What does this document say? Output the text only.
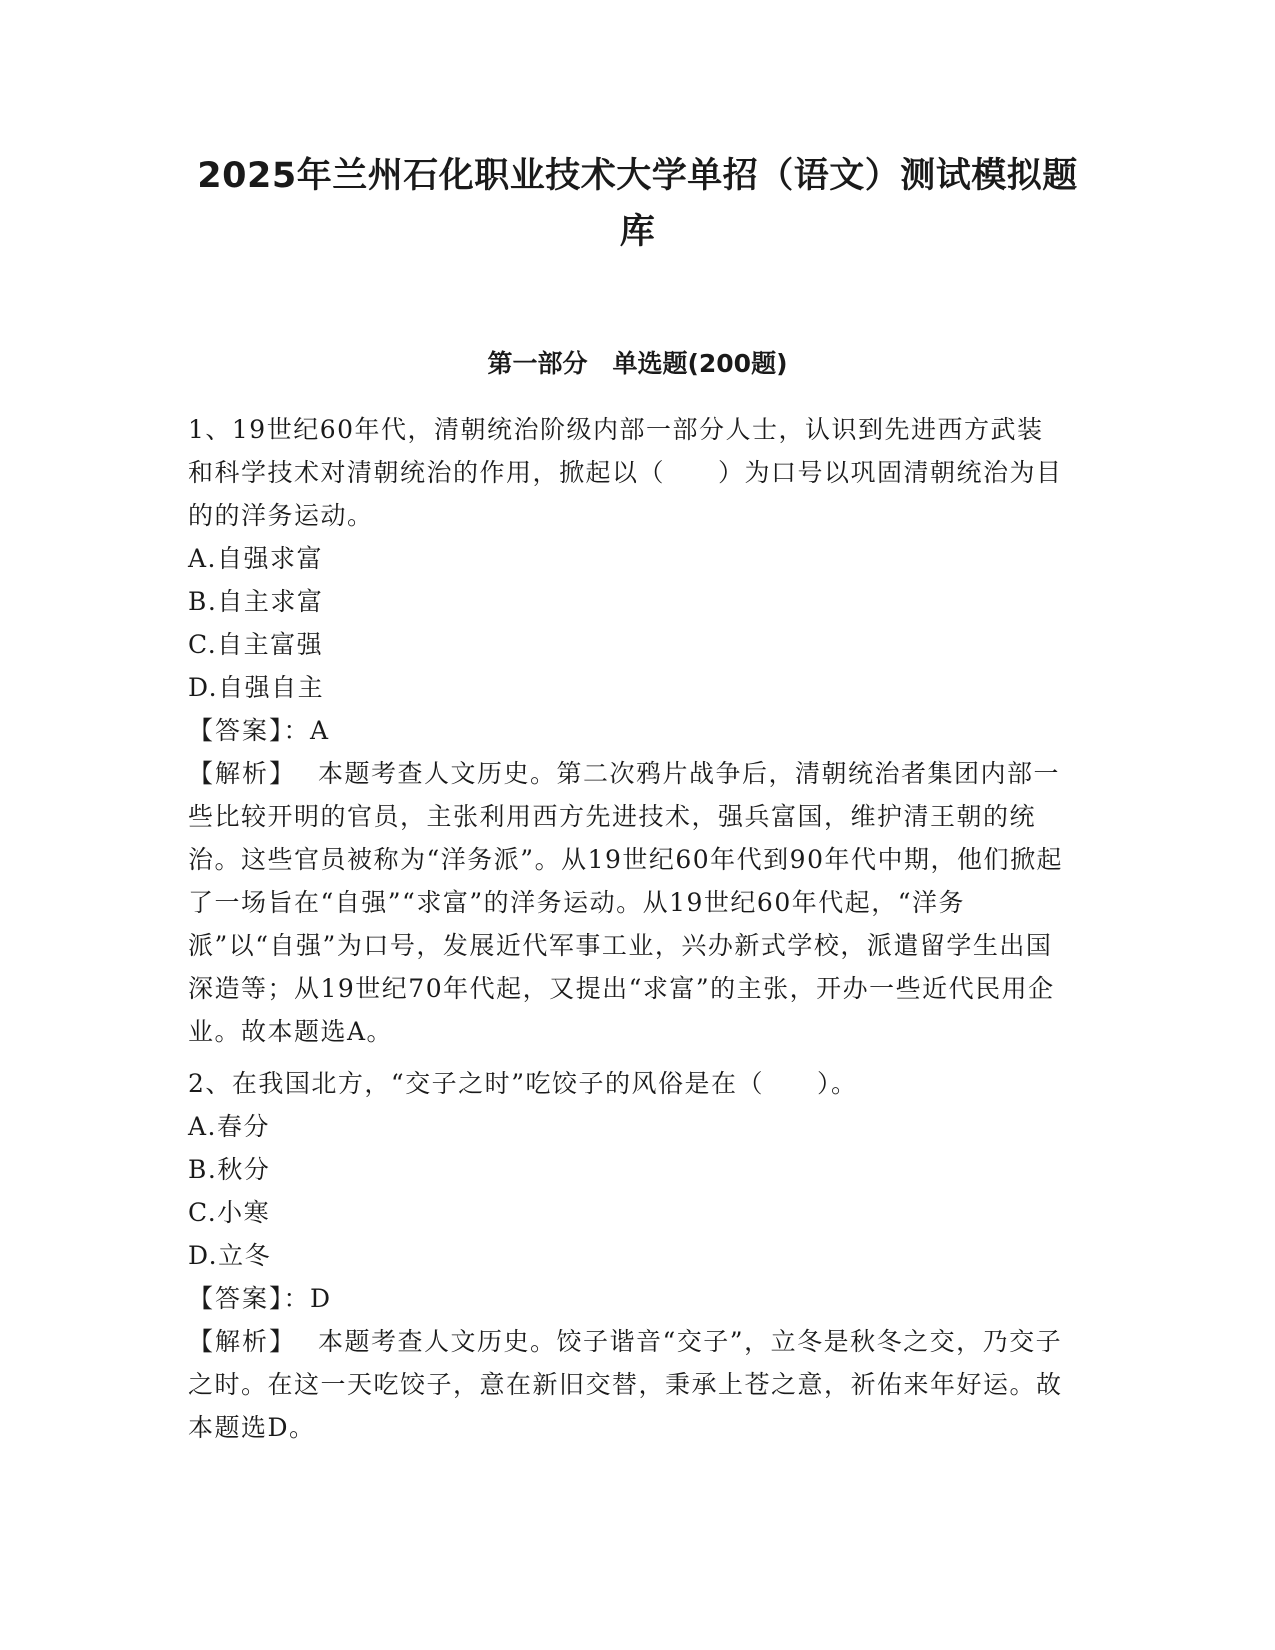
2025年兰州石化职业技术大学单招（语文）测试模拟题库
第一部分　单选题(200题)

1、19世纪60年代，清朝统治阶级内部一部分人士，认识到先进西方武装和科学技术对清朝统治的作用，掀起以（　　）为口号以巩固清朝统治为目的的洋务运动。

A.自强求富

B.自主求富

C.自主富强

D.自强自主

【答案】：A

【解析】 本题考查人文历史。第二次鸦片战争后，清朝统治者集团内部一些比较开明的官员，主张利用西方先进技术，强兵富国，维护清王朝的统治。这些官员被称为“洋务派”。从19世纪60年代到90年代中期，他们掀起了一场旨在“自强”“求富”的洋务运动。从19世纪60年代起，“洋务派”以“自强”为口号，发展近代军事工业，兴办新式学校，派遣留学生出国深造等；从19世纪70年代起，又提出“求富”的主张，开办一些近代民用企业。故本题选A。

2、在我国北方，“交子之时”吃饺子的风俗是在（　　）。

A.春分

B.秋分

C.小寒

D.立冬

【答案】：D

【解析】 本题考查人文历史。饺子谐音“交子”，立冬是秋冬之交，乃交子之时。在这一天吃饺子，意在新旧交替，秉承上苍之意，祈佑来年好运。故本题选D。
